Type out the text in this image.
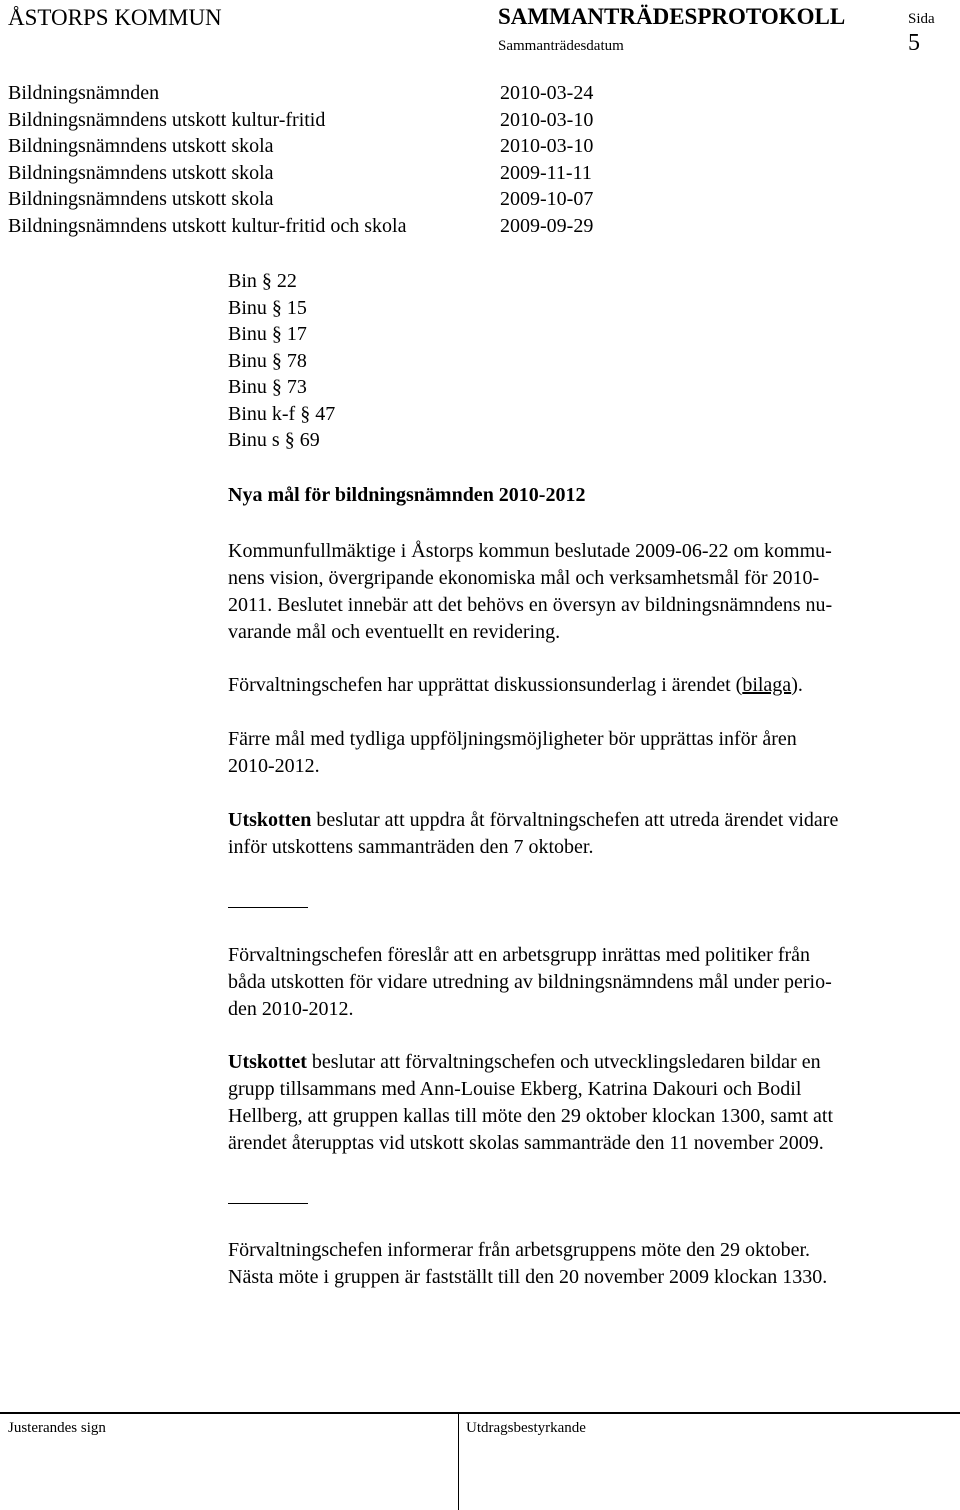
ÅSTORPS KOMMUN	SAMMANTRÄDESPROTOKOLL	Sida
Sammanträdesdatum	5
Bildningsnämnden	2010-03-24
Bildningsnämndens utskott kultur-fritid	2010-03-10
Bildningsnämndens utskott skola	2010-03-10
Bildningsnämndens utskott skola	2009-11-11
Bildningsnämndens utskott skola	2009-10-07
Bildningsnämndens utskott kultur-fritid och skola	2009-09-29
Bin § 22
Binu § 15
Binu § 17
Binu § 78
Binu § 73
Binu k-f § 47
Binu s § 69
Nya mål för bildningsnämnden 2010-2012
Kommunfullmäktige i Åstorps kommun beslutade 2009-06-22 om kommu-
nens vision, övergripande ekonomiska mål och verksamhetsmål för 2010-
2011. Beslutet innebär att det behövs en översyn av bildningsnämndens nu-
varande mål och eventuellt en revidering.
Förvaltningschefen har upprättat diskussionsunderlag i ärendet (bilaga).
Färre mål med tydliga uppföljningsmöjligheter bör upprättas inför åren
2010-2012.
Utskotten beslutar att uppdra åt förvaltningschefen att utreda ärendet vidare
inför utskottens sammanträden den 7 oktober.
Förvaltningschefen föreslår att en arbetsgrupp inrättas med politiker från
båda utskotten för vidare utredning av bildningsnämndens mål under perio-
den 2010-2012.
Utskottet beslutar att förvaltningschefen och utvecklingsledaren bildar en
grupp tillsammans med Ann-Louise Ekberg, Katrina Dakouri och Bodil
Hellberg, att gruppen kallas till möte den 29 oktober klockan 1300, samt att
ärendet återupptas vid utskott skolas sammanträde den 11 november 2009.
Förvaltningschefen informerar från arbetsgruppens möte den 29 oktober.
Nästa möte i gruppen är fastställt till den 20 november 2009 klockan 1330.
Justerandes sign	Utdragsbestyrkande
